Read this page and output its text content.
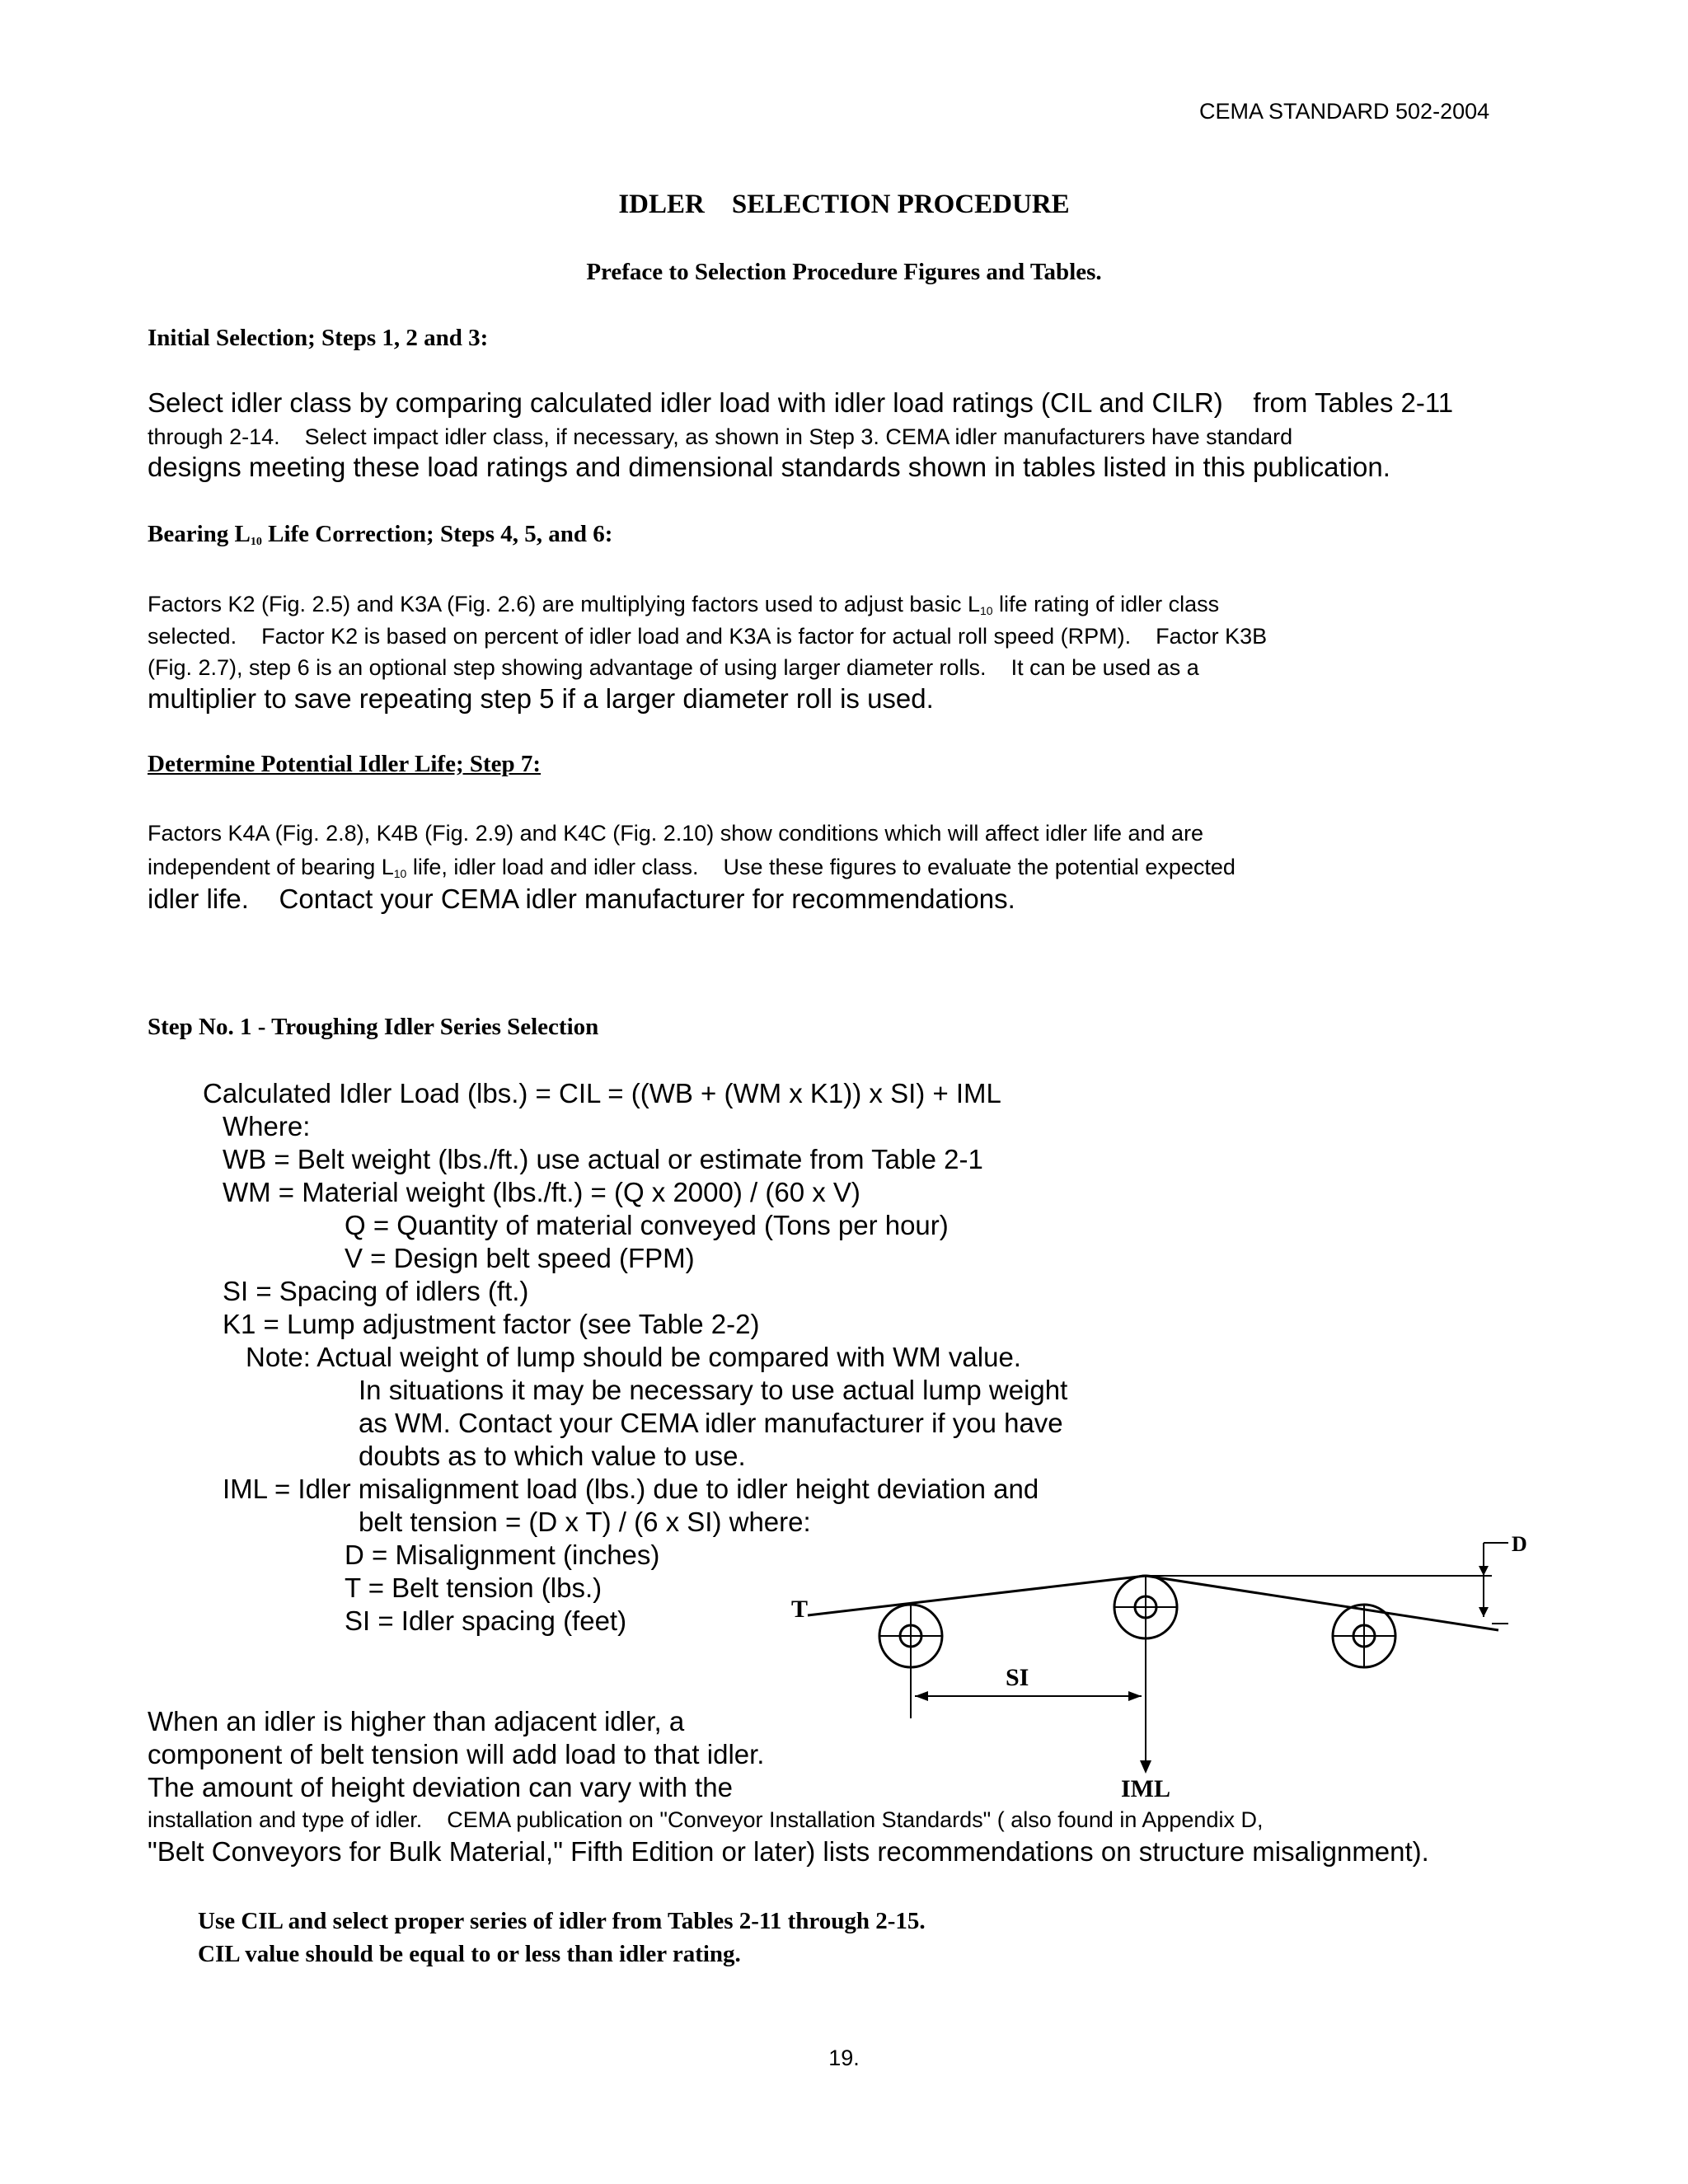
CEMA STANDARD 502-2004
IDLER    SELECTION PROCEDURE
Preface to Selection Procedure Figures and Tables.
Initial Selection; Steps 1, 2 and 3:
Select idler class by comparing calculated idler load with idler load ratings (CIL and CILR)    from Tables 2-11
through 2-14.    Select impact idler class, if necessary, as shown in Step 3. CEMA idler manufacturers have standard
designs meeting these load ratings and dimensional standards shown in tables listed in this publication.
Bearing $L_{10}$ Life Correction; Steps 4, 5, and 6:
Factors K2 (Fig. 2.5) and K3A (Fig. 2.6) are multiplying factors used to adjust basic $L_{10}$ life rating of idler class
selected.    Factor K2 is based on percent of idler load and K3A is factor for actual roll speed (RPM).    Factor K3B
(Fig. 2.7), step 6 is an optional step showing advantage of using larger diameter rolls.    It can be used as a
multiplier to save repeating step 5 if a larger diameter roll is used.
Determine Potential Idler Life; Step 7:
Factors K4A (Fig. 2.8), K4B (Fig. 2.9) and K4C (Fig. 2.10) show conditions which will affect idler life and are
independent of bearing $L_{10}$ life, idler load and idler class.    Use these figures to evaluate the potential expected
idler life.    Contact your CEMA idler manufacturer for recommendations.
Step No. 1 - Troughing Idler Series Selection
Calculated Idler Load (lbs.) = CIL = ((WB + (WM x K1)) x SI) + IML
Where:
WB = Belt weight (lbs./ft.) use actual or estimate from Table 2-1
WM = Material weight (lbs./ft.) = (Q x 2000) / (60 x V)
Q = Quantity of material conveyed (Tons per hour)
V = Design belt speed (FPM)
SI = Spacing of idlers (ft.)
K1 = Lump adjustment factor (see Table 2-2)
Note: Actual weight of lump should be compared with WM value.
In situations it may be necessary to use actual lump weight
as WM. Contact your CEMA idler manufacturer if you have
doubts as to which value to use.
IML = Idler misalignment load (lbs.) due to idler height deviation and
belt tension = (D x T) / (6 x SI) where:
D = Misalignment (inches)
T = Belt tension (lbs.)
SI = Idler spacing (feet)	T
SI
IML
D
When an idler is higher than adjacent idler, a
component of belt tension will add load to that idler.
The amount of height deviation can vary with the
installation and type of idler.    CEMA publication on "Conveyor Installation Standards" ( also found in Appendix D,
"Belt Conveyors for Bulk Material," Fifth Edition or later) lists recommendations on structure misalignment).
Use CIL and select proper series of idler from Tables 2-11 through 2-15.
CIL value should be equal to or less than idler rating.
19.
